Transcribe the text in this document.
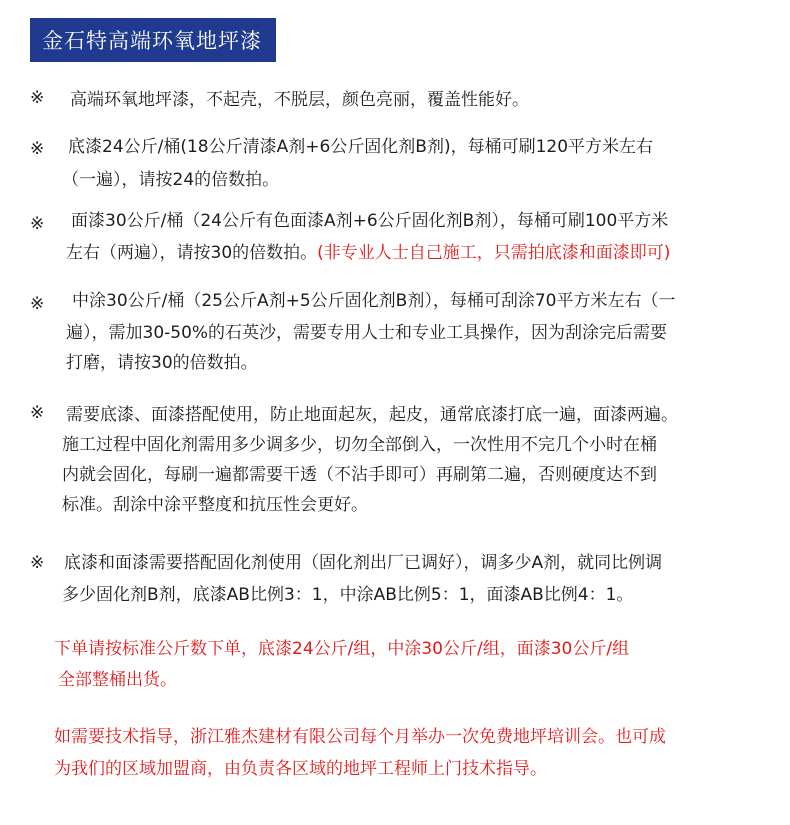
金石特高端环氧地坪漆
※ 高端环氧地坪漆，不起壳，不脱层，颜色亮丽，覆盖性能好。
※ 底漆24公斤/桶(18公斤清漆A剂+6公斤固化剂B剂)，每桶可刷120平方米左右
（一遍），请按24的倍数拍。
※ 面漆30公斤/桶（24公斤有色面漆A剂+6公斤固化剂B剂），每桶可刷100平方米
左右（两遍），请按30的倍数拍。(非专业人士自己施工，只需拍底漆和面漆即可)
※ 中涂30公斤/桶（25公斤A剂+5公斤固化剂B剂），每桶可刮涂70平方米左右（一
遍），需加30-50%的石英沙，需要专用人士和专业工具操作，因为刮涂完后需要
打磨，请按30的倍数拍。
※ 需要底漆、面漆搭配使用，防止地面起灰，起皮，通常底漆打底一遍，面漆两遍。
施工过程中固化剂需用多少调多少，切勿全部倒入，一次性用不完几个小时在桶
内就会固化，每刷一遍都需要干透（不沾手即可）再刷第二遍，否则硬度达不到
标准。刮涂中涂平整度和抗压性会更好。
※ 底漆和面漆需要搭配固化剂使用（固化剂出厂已调好），调多少A剂，就同比例调
多少固化剂B剂，底漆AB比例3：1，中涂AB比例5：1，面漆AB比例4：1。
下单请按标准公斤数下单，底漆24公斤/组，中涂30公斤/组，面漆30公斤/组
全部整桶出货。
如需要技术指导，浙江雅杰建材有限公司每个月举办一次免费地坪培训会。也可成
为我们的区域加盟商，由负责各区域的地坪工程师上门技术指导。
